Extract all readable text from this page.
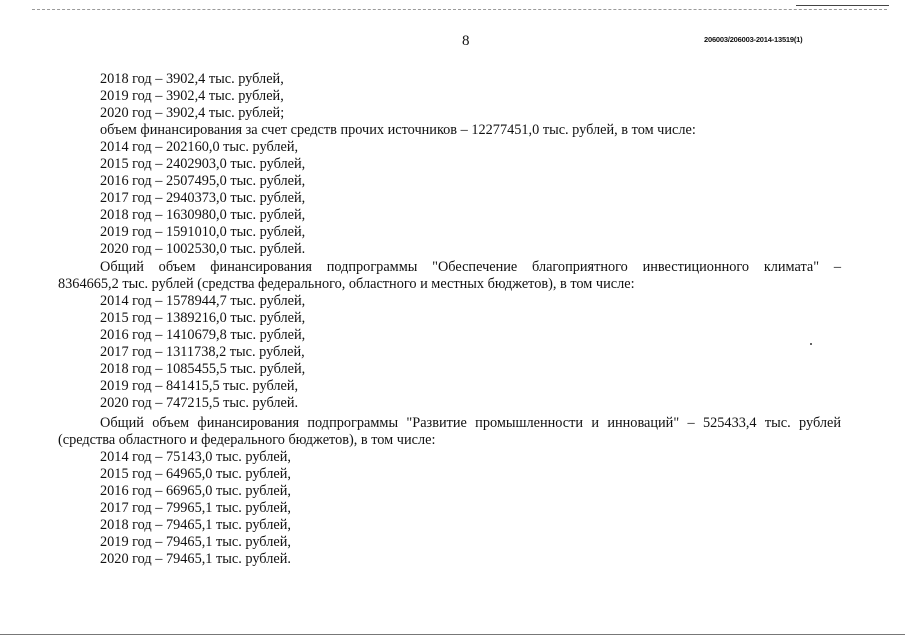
8	206003/206003-2014-13519(1)
2018 год – 3902,4 тыс. рублей,
2019 год – 3902,4 тыс. рублей,
2020 год – 3902,4 тыс. рублей;
объем финансирования за счет средств прочих источников – 12277451,0 тыс. рублей, в том числе:
2014 год – 202160,0 тыс. рублей,
2015 год – 2402903,0 тыс. рублей,
2016 год – 2507495,0 тыс. рублей,
2017 год – 2940373,0 тыс. рублей,
2018 год – 1630980,0 тыс. рублей,
2019 год – 1591010,0 тыс. рублей,
2020 год – 1002530,0 тыс. рублей.
Общий объем финансирования подпрограммы "Обеспечение благоприятного инвестиционного климата" –
8364665,2 тыс. рублей (средства федерального, областного и местных бюджетов), в том числе:
2014 год – 1578944,7 тыс. рублей,
2015 год – 1389216,0 тыс. рублей,
2016 год – 1410679,8 тыс. рублей,
2017 год – 1311738,2 тыс. рублей,
2018 год – 1085455,5 тыс. рублей,
2019 год – 841415,5 тыс. рублей,
2020 год – 747215,5 тыс. рублей.
Общий объем финансирования подпрограммы "Развитие промышленности и инноваций" – 525433,4 тыс. рублей
(средства областного и федерального бюджетов), в том числе:
2014 год – 75143,0 тыс. рублей,
2015 год – 64965,0 тыс. рублей,
2016 год – 66965,0 тыс. рублей,
2017 год – 79965,1 тыс. рублей,
2018 год – 79465,1 тыс. рублей,
2019 год – 79465,1 тыс. рублей,
2020 год – 79465,1 тыс. рублей.
